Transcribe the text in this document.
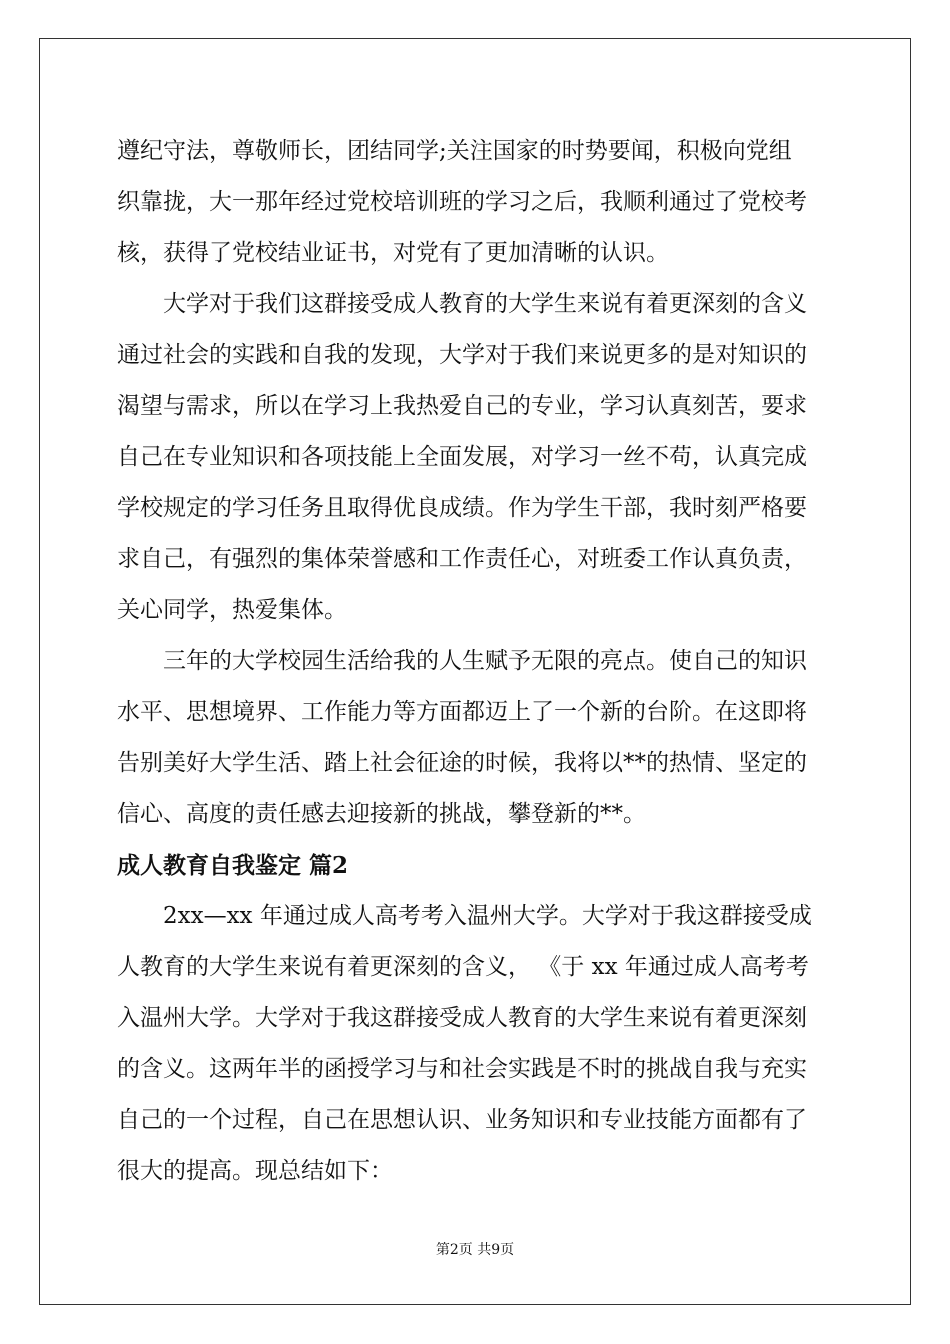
遵纪守法，尊敬师长，团结同学;关注国家的时势要闻，积极向党组
织靠拢，大一那年经过党校培训班的学习之后，我顺利通过了党校考
核，获得了党校结业证书，对党有了更加清晰的认识。

大学对于我们这群接受成人教育的大学生来说有着更深刻的含义
通过社会的实践和自我的发现，大学对于我们来说更多的是对知识的
渴望与需求，所以在学习上我热爱自己的专业，学习认真刻苦，要求
自己在专业知识和各项技能上全面发展，对学习一丝不苟，认真完成
学校规定的学习任务且取得优良成绩。作为学生干部，我时刻严格要
求自己，有强烈的集体荣誉感和工作责任心，对班委工作认真负责，
关心同学，热爱集体。

三年的大学校园生活给我的人生赋予无限的亮点。使自己的知识
水平、思想境界、工作能力等方面都迈上了一个新的台阶。在这即将
告别美好大学生活、踏上社会征途的时候，我将以**的热情、坚定的
信心、高度的责任感去迎接新的挑战，攀登新的**。

成人教育自我鉴定 篇2

2xx—xx 年通过成人高考考入温州大学。大学对于我这群接受成
人教育的大学生来说有着更深刻的含义， 《于 xx 年通过成人高考考
入温州大学。大学对于我这群接受成人教育的大学生来说有着更深刻
的含义。这两年半的函授学习与和社会实践是不时的挑战自我与充实
自己的一个过程，自己在思想认识、业务知识和专业技能方面都有了
很大的提高。现总结如下：

第2页 共9页
